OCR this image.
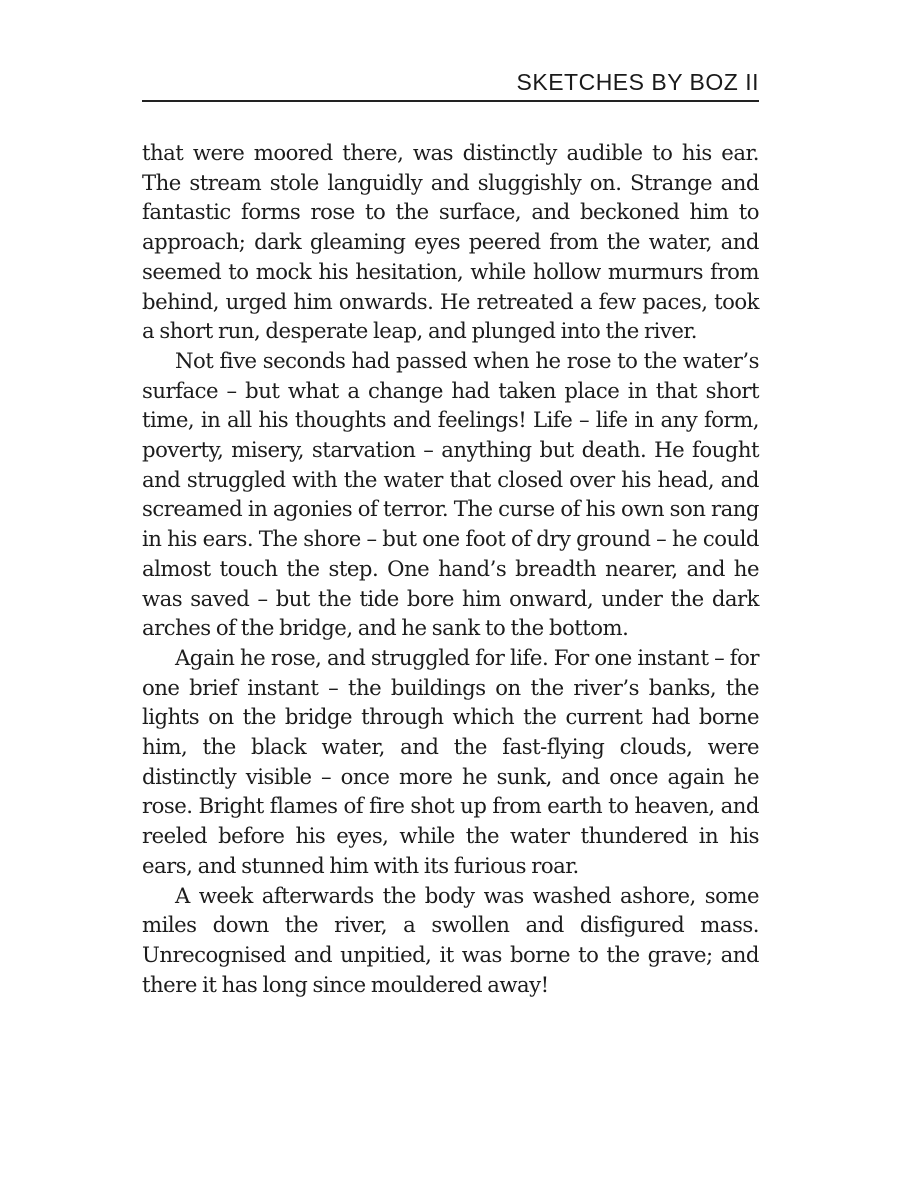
SKETCHES BY BOZ II

that were moored there, was distinctly audible to his ear. The stream stole languidly and sluggishly on. Strange and fantastic forms rose to the surface, and beckoned him to approach; dark gleaming eyes peered from the water, and seemed to mock his hesitation, while hollow murmurs from behind, urged him onwards. He retreated a few paces, took a short run, desperate leap, and plunged into the river.

Not five seconds had passed when he rose to the water’s surface – but what a change had taken place in that short time, in all his thoughts and feelings! Life – life in any form, poverty, misery, starvation – anything but death. He fought and struggled with the water that closed over his head, and screamed in agonies of terror. The curse of his own son rang in his ears. The shore – but one foot of dry ground – he could almost touch the step. One hand’s breadth nearer, and he was saved – but the tide bore him onward, under the dark arches of the bridge, and he sank to the bottom.

Again he rose, and struggled for life. For one instant – for one brief instant – the buildings on the river’s banks, the lights on the bridge through which the current had borne him, the black water, and the fast-flying clouds, were distinctly visible – once more he sunk, and once again he rose. Bright flames of fire shot up from earth to heaven, and reeled before his eyes, while the water thundered in his ears, and stunned him with its furious roar.

A week afterwards the body was washed ashore, some miles down the river, a swollen and disfigured mass. Unrecognised and unpitied, it was borne to the grave; and there it has long since mouldered away!
